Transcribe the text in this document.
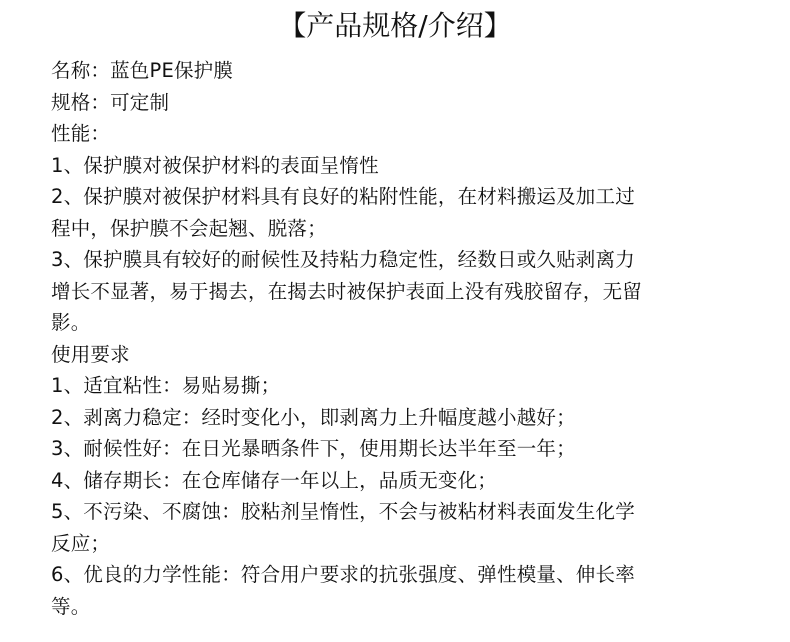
【产品规格/介绍】
名称：蓝色PE保护膜
规格：可定制
性能：
1、保护膜对被保护材料的表面呈惰性
2、保护膜对被保护材料具有良好的粘附性能，在材料搬运及加工过
程中，保护膜不会起翘、脱落；
3、保护膜具有较好的耐候性及持粘力稳定性，经数日或久贴剥离力
增长不显著，易于揭去，在揭去时被保护表面上没有残胶留存，无留
影。
使用要求
1、适宜粘性：易贴易撕；
2、剥离力稳定：经时变化小，即剥离力上升幅度越小越好；
3、耐候性好：在日光暴晒条件下，使用期长达半年至一年；
4、储存期长：在仓库储存一年以上，品质无变化；
5、不污染、不腐蚀：胶粘剂呈惰性，不会与被粘材料表面发生化学
反应；
6、优良的力学性能：符合用户要求的抗张强度、弹性模量、伸长率
等。
